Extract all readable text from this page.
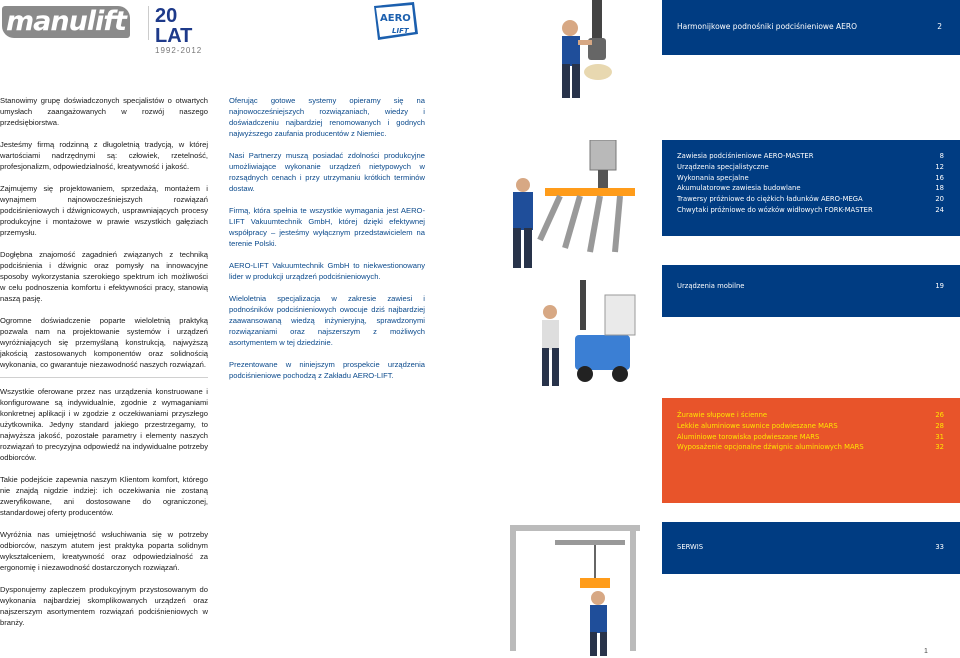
manulift 20 LAT
1992-2012
AERO
LIFT	Harmonijkowe podnośniki podciśnieniowe AERO	2

Stanowimy grupę doświadczonych specjalistów o otwartych umysłach zaangażowanych w rozwój naszego przedsiębiorstwa.

Jesteśmy firmą rodzinną z długoletnią tradycją, w której wartościami nadrzędnymi są: człowiek, rzetelność, profesjonalizm, odpowiedzialność, kreatywność i jakość.

Zajmujemy się projektowaniem, sprzedażą, montażem i wynajmem najnowocześniejszych rozwiązań podciśnieniowych i dźwignicowych, usprawniających procesy produkcyjne i montażowe w prawie wszystkich gałęziach przemysłu.

Dogłębna znajomość zagadnień związanych z techniką podciśnienia i dźwignic oraz pomysły na innowacyjne sposoby wykorzystania szerokiego spektrum ich możliwości w celu podnoszenia komfortu i efektywności pracy, stanowią naszą pasję.

Ogromne doświadczenie poparte wieloletnią praktyką pozwala nam na projektowanie systemów i urządzeń wyróżniających się przemyślaną konstrukcją, najwyższą jakością zastosowanych komponentów oraz solidnością wykonania, co gwarantuje niezawodność naszych rozwiązań.

Wszystkie oferowane przez nas urządzenia konstruowane i konfigurowane są indywidualnie, zgodnie z wymaganiami konkretnej aplikacji i w zgodzie z oczekiwaniami przyszłego użytkownika. Jedyny standard jakiego przestrzegamy, to najwyższa jakość, pozostałe parametry i elementy naszych rozwiązań to precyzyjna odpowiedź na indywidualne potrzeby odbiorców.

Takie podejście zapewnia naszym Klientom komfort, którego nie znajdą nigdzie indziej: ich oczekiwania nie zostaną zweryfikowane, ani dostosowane do ograniczonej, standardowej oferty producentów.

Wyróżnia nas umiejętność wsłuchiwania się w potrzeby odbiorców, naszym atutem jest praktyka poparta solidnym wykształceniem, kreatywność oraz odpowiedzialność za ergonomię i niezawodność dostarczonych rozwiązań.

Dysponujemy zapleczem produkcyjnym przystosowanym do wykonania najbardziej skomplikowanych urządzeń oraz najszerszym asortymentem rozwiązań podciśnieniowych w branży.

Oferując gotowe systemy opieramy się na najnowocześniejszych rozwiązaniach, wiedzy i doświadczeniu najbardziej renomowanych i godnych najwyższego zaufania producentów z Niemiec.

Nasi Partnerzy muszą posiadać zdolności produkcyjne umożliwiające wykonanie urządzeń nietypowych w rozsądnych cenach i przy utrzymaniu krótkich terminów dostaw.

Firmą, która spełnia te wszystkie wymagania jest AERO-LIFT Vakuumtechnik GmbH, której dzięki efektywnej współpracy – jesteśmy wyłącznym przedstawicielem na terenie Polski.

AERO-LIFT Vakuumtechnik GmbH to niekwestionowany lider w produkcji urządzeń podciśnieniowych.

Wieloletnia specjalizacja w zakresie zawiesi i podnośników podciśnieniowych owocuje dziś najbardziej zaawansowaną wiedzą inżynieryjną, sprawdzonymi rozwiązaniami oraz najszerszym z możliwych asortymentem w tej dziedzinie.

Prezentowane w niniejszym prospekcie urządzenia podciśnieniowe pochodzą z Zakładu AERO-LIFT.

Zawiesia podciśnieniowe AERO-MASTER	8
Urządzenia specjalistyczne	12
Wykonania specjalne	16
Akumulatorowe zawiesia budowlane	18
Trawersy próżniowe do ciężkich ładunków AERO-MEGA	20
Chwytaki próżniowe do wózków widłowych FORK-MASTER	24
Urządzenia mobilne	19
Żurawie słupowe i ścienne	26
Lekkie aluminiowe suwnice podwieszane MARS	28
Aluminiowe torowiska podwieszane MARS	31
Wyposażenie opcjonalne dźwignic aluminiowych MARS	32
SERWIS	33
1
